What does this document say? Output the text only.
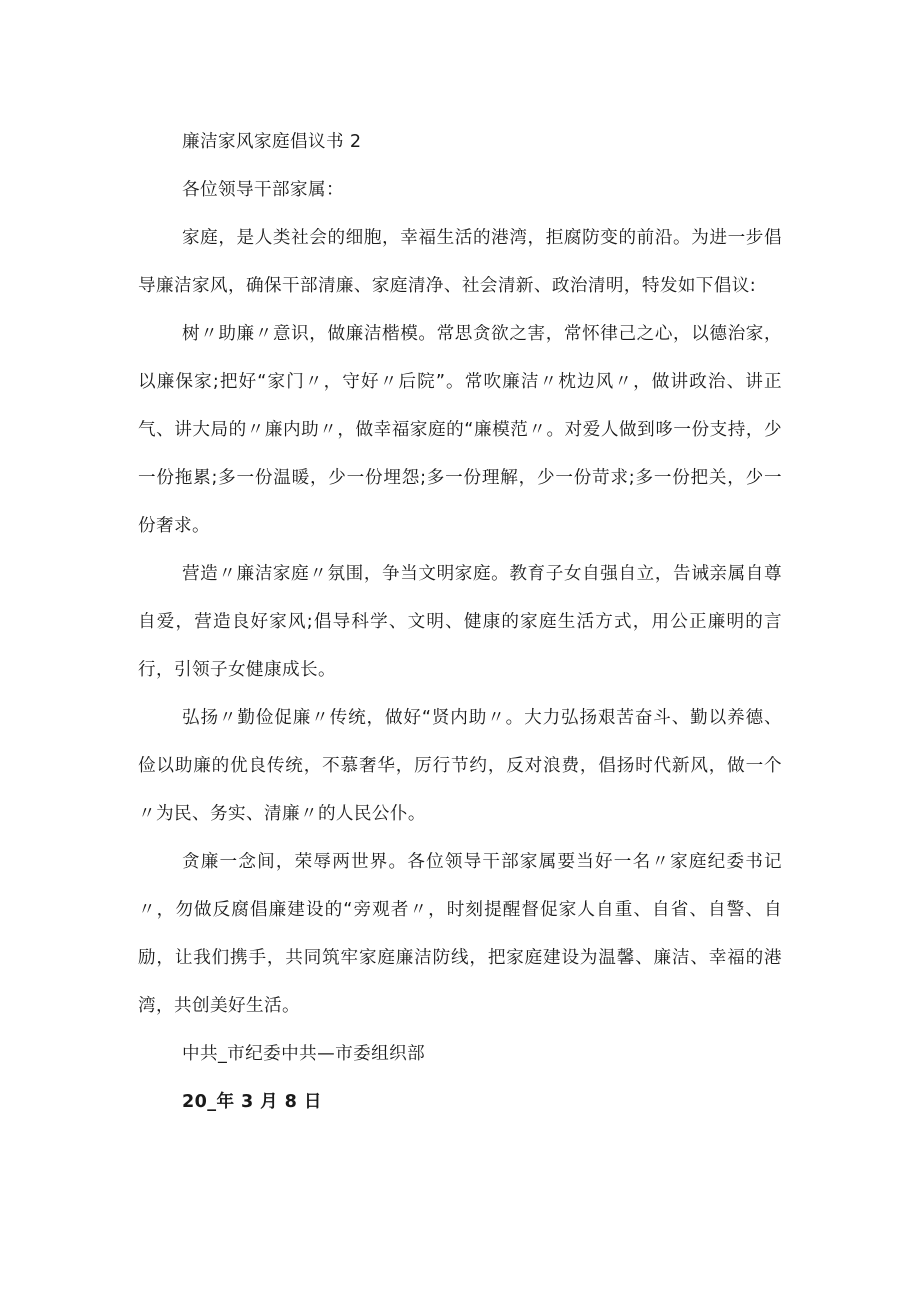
廉洁家风家庭倡议书 2

各位领导干部家属：

家庭，是人类社会的细胞，幸福生活的港湾，拒腐防变的前沿。为进一步倡导廉洁家风，确保干部清廉、家庭清净、社会清新、政治清明，特发如下倡议:

树〃助廉〃意识，做廉洁楷模。常思贪欲之害，常怀律己之心，以德治家，以廉保家;把好“家门〃，守好〃后院”。常吹廉洁〃枕边风〃，做讲政治、讲正气、讲大局的〃廉内助〃，做幸福家庭的“廉模范〃。对爱人做到哆一份支持，少一份拖累;多一份温暖，少一份埋怨;多一份理解，少一份苛求;多一份把关，少一份奢求。

营造〃廉洁家庭〃氛围，争当文明家庭。教育子女自强自立，告诫亲属自尊自爱，营造良好家风;倡导科学、文明、健康的家庭生活方式，用公正廉明的言行，引领子女健康成长。

弘扬〃勤俭促廉〃传统，做好“贤内助〃。大力弘扬艰苦奋斗、勤以养德、俭以助廉的优良传统，不慕奢华，厉行节约，反对浪费，倡扬时代新风，做一个〃为民、务实、清廉〃的人民公仆。

贪廉一念间，荣辱两世界。各位领导干部家属要当好一名〃家庭纪委书记〃，勿做反腐倡廉建设的“旁观者〃，时刻提醒督促家人自重、自省、自警、自励，让我们携手，共同筑牢家庭廉洁防线，把家庭建设为温馨、廉洁、幸福的港湾，共创美好生活。

中共_市纪委中共—市委组织部

20_年 3 月 8 日
